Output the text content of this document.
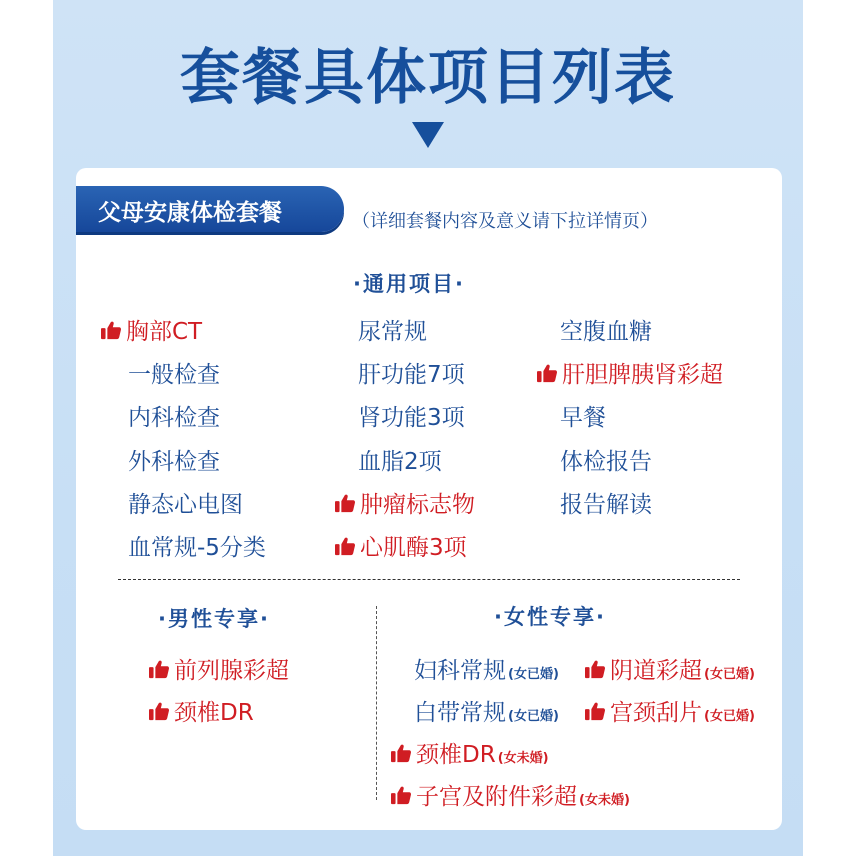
套餐具体项目列表
父母安康体检套餐	（详细套餐内容及意义请下拉详情页）
·通用项目·
胸部CT
一般检查
内科检查
外科检查
静态心电图
血常规-5分类
尿常规
肝功能7项
肾功能3项
血脂2项
肿瘤标志物
心肌酶3项
空腹血糖
肝胆脾胰肾彩超
早餐
体检报告
报告解读
·男性专享·
前列腺彩超
颈椎DR
·女性专享·
妇科常规 (女已婚) 阴道彩超 (女已婚)
白带常规 (女已婚) 宫颈刮片 (女已婚)
颈椎DR (女未婚)
子宫及附件彩超 (女未婚)
